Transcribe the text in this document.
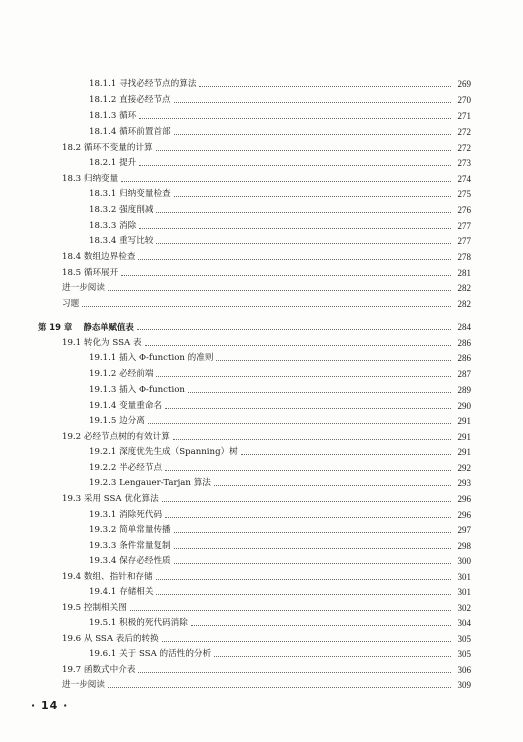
18.1.1 寻找必经节点的算法	269
18.1.2 直接必经节点	270
18.1.3 循环	271
18.1.4 循环前置首部	272
18.2 循环不变量的计算	272
18.2.1 提升	273
18.3 归纳变量	274
18.3.1 归纳变量检查	275
18.3.2 强度削减	276
18.3.3 消除	277
18.3.4 重写比较	277
18.4 数组边界检查	278
18.5 循环展开	281
进一步阅读	282
习题	282
第 19 章  静态单赋值表	284
19.1 转化为 SSA 表	286
19.1.1 插入 Φ-function 的准则	286
19.1.2 必经前端	287
19.1.3 插入 Φ-function	289
19.1.4 变量重命名	290
19.1.5 边分离	291
19.2 必经节点树的有效计算	291
19.2.1 深度优先生成（Spanning）树	291
19.2.2 半必经节点	292
19.2.3 Lengauer-Tarjan 算法	293
19.3 采用 SSA 优化算法	296
19.3.1 消除死代码	296
19.3.2 简单常量传播	297
19.3.3 条件常量复制	298
19.3.4 保存必经性质	300
19.4 数组、指针和存储	301
19.4.1 存储相关	301
19.5 控制相关图	302
19.5.1 积极的死代码消除	304
19.6 从 SSA 表后的转换	305
19.6.1 关于 SSA 的活性的分析	305
19.7 函数式中介表	306
进一步阅读	309
· 14 ·
